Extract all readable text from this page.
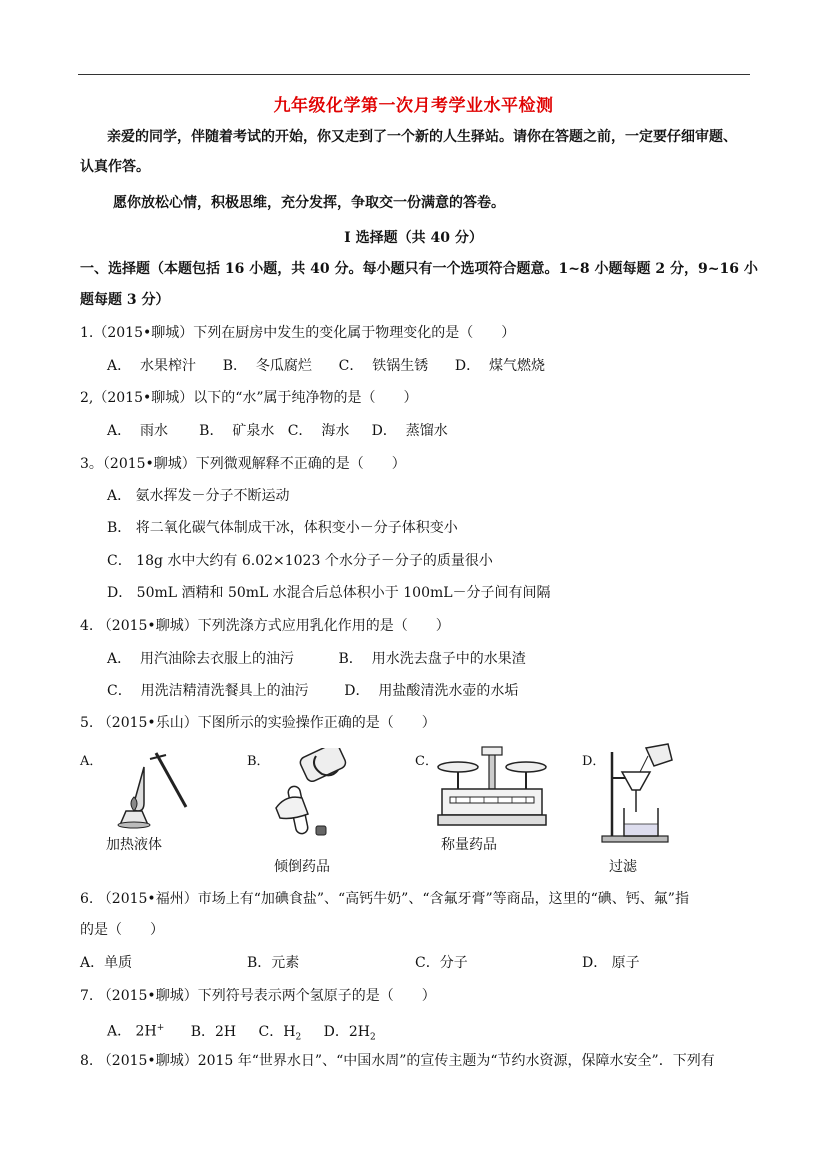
九年级化学第一次月考学业水平检测
亲爱的同学，伴随着考试的开始，你又走到了一个新的人生驿站。请你在答题之前，一定要仔细审题、
认真作答。
愿你放松心情，积极思维，充分发挥，争取交一份满意的答卷。
I 选择题（共 40 分）
一、选择题（本题包括 16 小题，共 40 分。每小题只有一个选项符合题意。1~8 小题每题 2 分，9~16 小
题每题 3 分）
1.（2015•聊城）下列在厨房中发生的变化属于物理变化的是（　　）
A．  水果榨汁      B．  冬瓜腐烂      C．  铁锅生锈      D．  煤气燃烧
2,（2015•聊城）以下的“水”属于纯净物的是（　　）
A．  雨水       B．  矿泉水   C．  海水     D．  蒸馏水
3。（2015•聊城）下列微观解释不正确的是（　　）
A． 氨水挥发－分子不断运动
B． 将二氧化碳气体制成干冰，体积变小－分子体积变小
C． 18g 水中大约有 6.02×1023 个水分子－分子的质量很小
D． 50mL 酒精和 50mL 水混合后总体积小于 100mL－分子间有间隔
4. （2015•聊城）下列洗涤方式应用乳化作用的是（　　）
A．  用汽油除去衣服上的油污          B．  用水洗去盘子中的水果渣
C．  用洗洁精清洗餐具上的油污        D．  用盐酸清洗水壶的水垢
5. （2015•乐山）下图所示的实验操作正确的是（　　）
A．	B．	C．	D．
加热液体
倾倒药品
称量药品
过滤
6. （2015•福州）市场上有“加碘食盐”、“高钙牛奶”、“含氟牙膏”等商品，这里的“碘、钙、氟”指
的是（　　）
A．单质	B．元素	C．分子	D． 原子
7. （2015•聊城）下列符号表示两个氢原子的是（　　）
A． 2H+ B．2H C．$H_2$ D．$2H_2$
8. （2015•聊城）2015 年“世界水日”、“中国水周”的宣传主题为“节约水资源，保障水安全”．下列有
